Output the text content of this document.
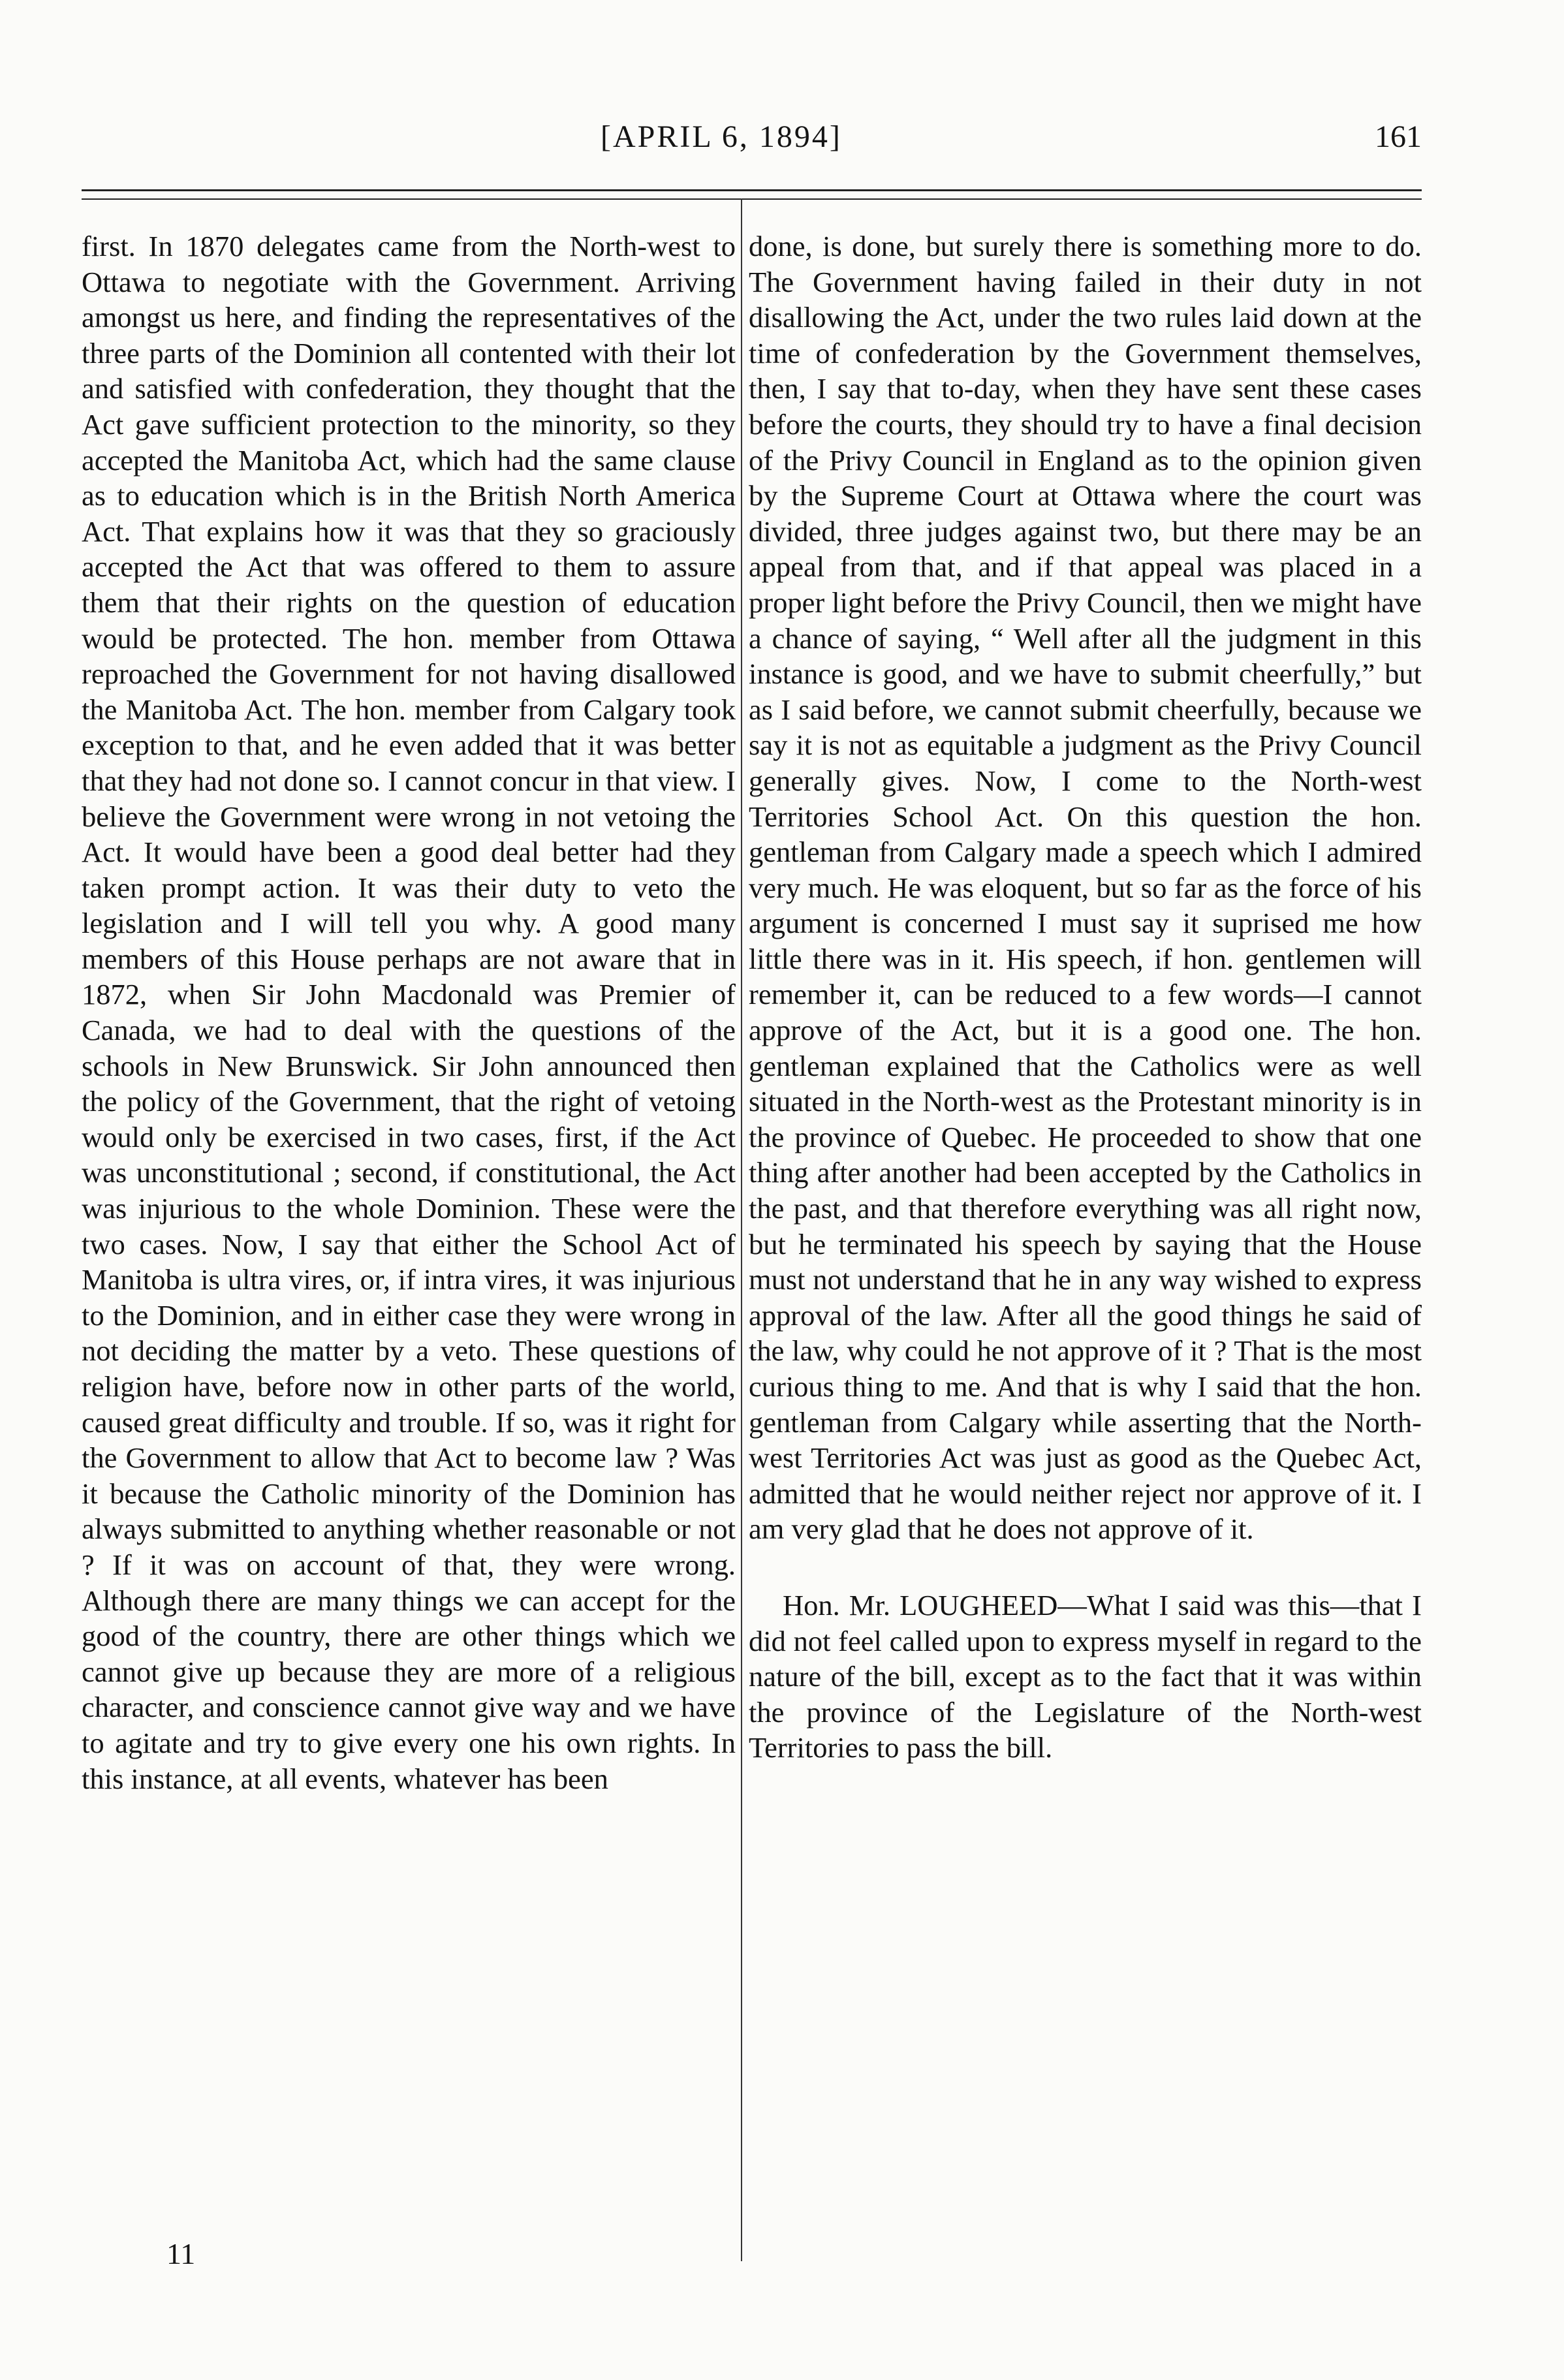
[APRIL 6, 1894]	161

first. In 1870 delegates came from the North-west to Ottawa to negotiate with the Government. Arriving amongst us here, and finding the representatives of the three parts of the Dominion all contented with their lot and satisfied with confederation, they thought that the Act gave sufficient protection to the minority, so they accepted the Manitoba Act, which had the same clause as to education which is in the British North America Act. That explains how it was that they so graciously accepted the Act that was offered to them to assure them that their rights on the question of education would be protected. The hon. member from Ottawa reproached the Government for not having disallowed the Manitoba Act. The hon. member from Calgary took exception to that, and he even added that it was better that they had not done so. I cannot concur in that view. I believe the Government were wrong in not vetoing the Act. It would have been a good deal better had they taken prompt action. It was their duty to veto the legislation and I will tell you why. A good many members of this House perhaps are not aware that in 1872, when Sir John Macdonald was Premier of Canada, we had to deal with the questions of the schools in New Brunswick. Sir John announced then the policy of the Government, that the right of vetoing would only be exercised in two cases, first, if the Act was unconstitutional ; second, if constitutional, the Act was injurious to the whole Dominion. These were the two cases. Now, I say that either the School Act of Manitoba is ultra vires, or, if intra vires, it was injurious to the Dominion, and in either case they were wrong in not deciding the matter by a veto. These questions of religion have, before now in other parts of the world, caused great difficulty and trouble. If so, was it right for the Government to allow that Act to become law ? Was it because the Catholic minority of the Dominion has always submitted to anything whether reasonable or not ? If it was on account of that, they were wrong. Although there are many things we can accept for the good of the country, there are other things which we cannot give up because they are more of a religious character, and conscience cannot give way and we have to agitate and try to give every one his own rights. In this instance, at all events, whatever has been

done, is done, but surely there is something more to do. The Government having failed in their duty in not disallowing the Act, under the two rules laid down at the time of confederation by the Government themselves, then, I say that to-day, when they have sent these cases before the courts, they should try to have a final decision of the Privy Council in England as to the opinion given by the Supreme Court at Ottawa where the court was divided, three judges against two, but there may be an appeal from that, and if that appeal was placed in a proper light before the Privy Council, then we might have a chance of saying, “ Well after all the judgment in this instance is good, and we have to submit cheerfully,” but as I said before, we cannot submit cheerfully, because we say it is not as equitable a judgment as the Privy Council generally gives. Now, I come to the North-west Territories School Act. On this question the hon. gentleman from Calgary made a speech which I admired very much. He was eloquent, but so far as the force of his argument is concerned I must say it suprised me how little there was in it. His speech, if hon. gentlemen will remember it, can be reduced to a few words—I cannot approve of the Act, but it is a good one. The hon. gentleman explained that the Catholics were as well situated in the North-west as the Protestant minority is in the province of Quebec. He proceeded to show that one thing after another had been accepted by the Catholics in the past, and that therefore everything was all right now, but he terminated his speech by saying that the House must not understand that he in any way wished to express approval of the law. After all the good things he said of the law, why could he not approve of it ? That is the most curious thing to me. And that is why I said that the hon. gentleman from Calgary while asserting that the North-west Territories Act was just as good as the Quebec Act, admitted that he would neither reject nor approve of it. I am very glad that he does not approve of it.

Hon. Mr. LOUGHEED—What I said was this—that I did not feel called upon to express myself in regard to the nature of the bill, except as to the fact that it was within the province of the Legislature of the North-west Territories to pass the bill.

11
